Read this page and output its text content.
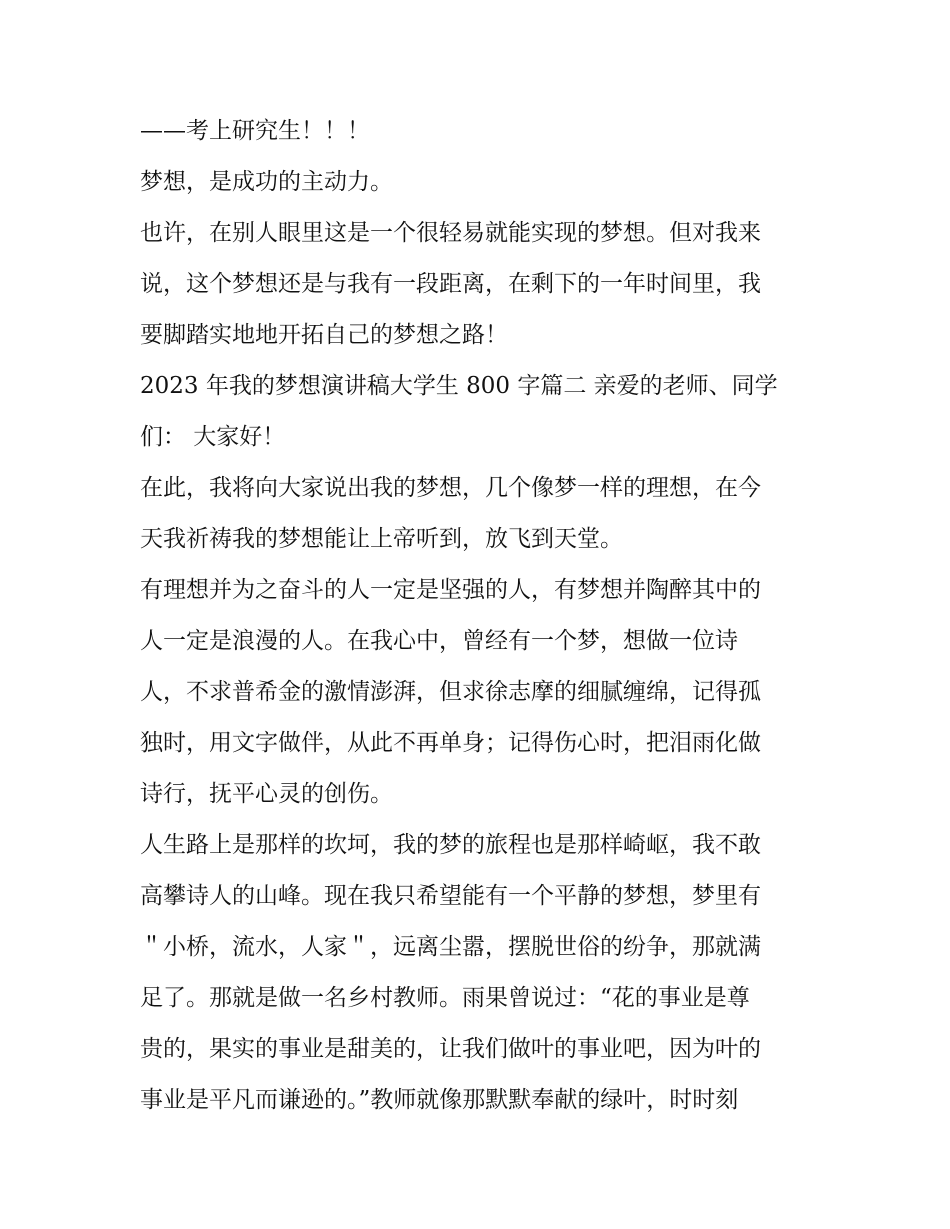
——考上研究生！！！
梦想，是成功的主动力。
也许，在别人眼里这是一个很轻易就能实现的梦想。但对我来
说，这个梦想还是与我有一段距离，在剩下的一年时间里，我
要脚踏实地地开拓自己的梦想之路！
2023 年我的梦想演讲稿大学生 800 字篇二 亲爱的老师、同学
们： 大家好！
在此，我将向大家说出我的梦想，几个像梦一样的理想，在今
天我祈祷我的梦想能让上帝听到，放飞到天堂。
有理想并为之奋斗的人一定是坚强的人，有梦想并陶醉其中的
人一定是浪漫的人。在我心中，曾经有一个梦，想做一位诗
人，不求普希金的激情澎湃，但求徐志摩的细腻缠绵，记得孤
独时，用文字做伴，从此不再单身；记得伤心时，把泪雨化做
诗行，抚平心灵的创伤。
人生路上是那样的坎坷，我的梦的旅程也是那样崎岖，我不敢
高攀诗人的山峰。现在我只希望能有一个平静的梦想，梦里有
＂小桥，流水，人家＂，远离尘嚣，摆脱世俗的纷争，那就满
足了。那就是做一名乡村教师。雨果曾说过：“花的事业是尊
贵的，果实的事业是甜美的，让我们做叶的事业吧，因为叶的
事业是平凡而谦逊的。”教师就像那默默奉献的绿叶，时时刻
